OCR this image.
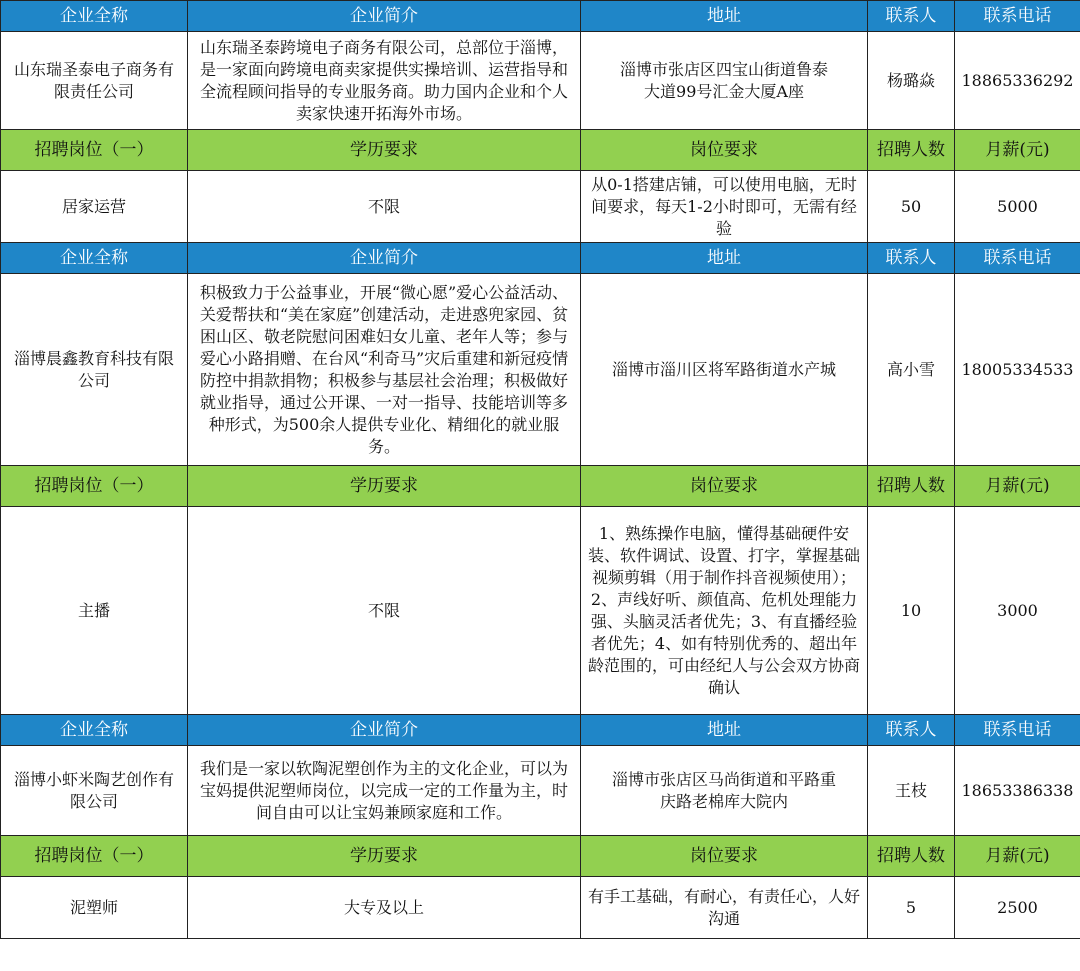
企业全称	企业简介	地址	联系人	联系电话
山东瑞圣泰电子商务有限责任公司	山东瑞圣泰跨境电子商务有限公司，总部位于淄博，是一家面向跨境电商卖家提供实操培训、运营指导和全流程顾问指导的专业服务商。助力国内企业和个人卖家快速开拓海外市场。	淄博市张店区四宝山街道鲁泰大道99号汇金大厦A座	杨璐焱	18865336292
招聘岗位（一）	学历要求	岗位要求	招聘人数	月薪(元)
居家运营	不限	从0-1搭建店铺，可以使用电脑，无时间要求，每天1-2小时即可，无需有经验	50	5000
企业全称	企业简介	地址	联系人	联系电话
淄博晨鑫教育科技有限公司	积极致力于公益事业，开展“微心愿”爱心公益活动、关爱帮扶和“美在家庭”创建活动，走进惑兜家园、贫困山区、敬老院慰问困难妇女儿童、老年人等；参与爱心小路捐赠、在台风“利奇马”灾后重建和新冠疫情防控中捐款捐物；积极参与基层社会治理；积极做好就业指导，通过公开课、一对一指导、技能培训等多种形式，为500余人提供专业化、精细化的就业服务。	淄博市淄川区将军路街道水产城	高小雪	18005334533
招聘岗位（一）	学历要求	岗位要求	招聘人数	月薪(元)
主播	不限	1、熟练操作电脑，懂得基础硬件安装、软件调试、设置、打字，掌握基础视频剪辑（用于制作抖音视频使用）；2、声线好听、颜值高、危机处理能力强、头脑灵活者优先；3、有直播经验者优先；4、如有特别优秀的、超出年龄范围的，可由经纪人与公会双方协商确认	10	3000
企业全称	企业简介	地址	联系人	联系电话
淄博小虾米陶艺创作有限公司	我们是一家以软陶泥塑创作为主的文化企业，可以为宝妈提供泥塑师岗位，以完成一定的工作量为主，时间自由可以让宝妈兼顾家庭和工作。	淄博市张店区马尚街道和平路重庆路老棉库大院内	王枝	18653386338
招聘岗位（一）	学历要求	岗位要求	招聘人数	月薪(元)
泥塑师	大专及以上	有手工基础，有耐心，有责任心，人好沟通	5	2500
